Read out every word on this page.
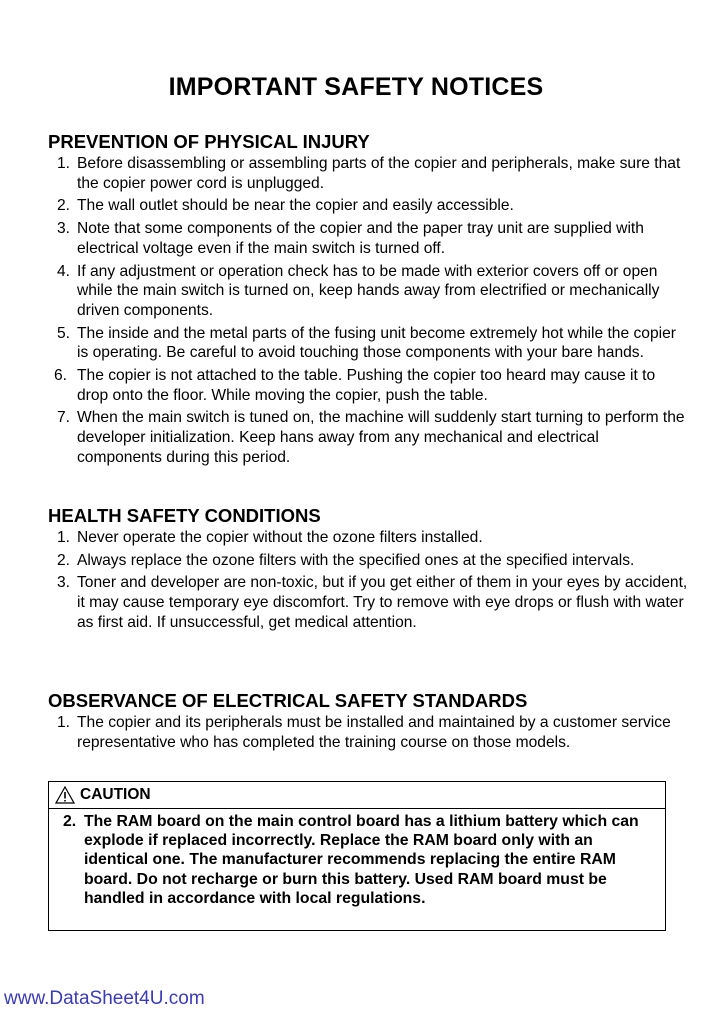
IMPORTANT SAFETY NOTICES
PREVENTION OF PHYSICAL INJURY
1. Before disassembling or assembling parts of the copier and peripherals, make sure that the copier power cord is unplugged.
2. The wall outlet should be near the copier and easily accessible.
3. Note that some components of the copier and the paper tray unit are supplied with electrical voltage even if the main switch is turned off.
4. If any adjustment or operation check has to be made with exterior covers off or open while the main switch is turned on, keep hands away from electrified or mechanically driven components.
5. The inside and the metal parts of the fusing unit become extremely hot while the copier is operating. Be careful to avoid touching those components with your bare hands.
6. The copier is not attached to the table. Pushing the copier too heard may cause it to drop onto the floor. While moving the copier, push the table.
7. When the main switch is tuned on, the machine will suddenly start turning to perform the developer initialization. Keep hans away from any mechanical and electrical components during this period.
HEALTH SAFETY CONDITIONS
1. Never operate the copier without the ozone filters installed.
2. Always replace the ozone filters with the specified ones at the specified intervals.
3. Toner and developer are non-toxic, but if you get either of them in your eyes by accident, it may cause temporary eye discomfort. Try to remove with eye drops or flush with water as first aid. If unsuccessful, get medical attention.
OBSERVANCE OF ELECTRICAL SAFETY STANDARDS
1. The copier and its peripherals must be installed and maintained by a customer service representative who has completed the training course on those models.
CAUTION
2. The RAM board on the main control board has a lithium battery which can explode if replaced incorrectly. Replace the RAM board only with an identical one. The manufacturer recommends replacing the entire RAM board. Do not recharge or burn this battery. Used RAM board must be handled in accordance with local regulations.
www.DataSheet4U.com
